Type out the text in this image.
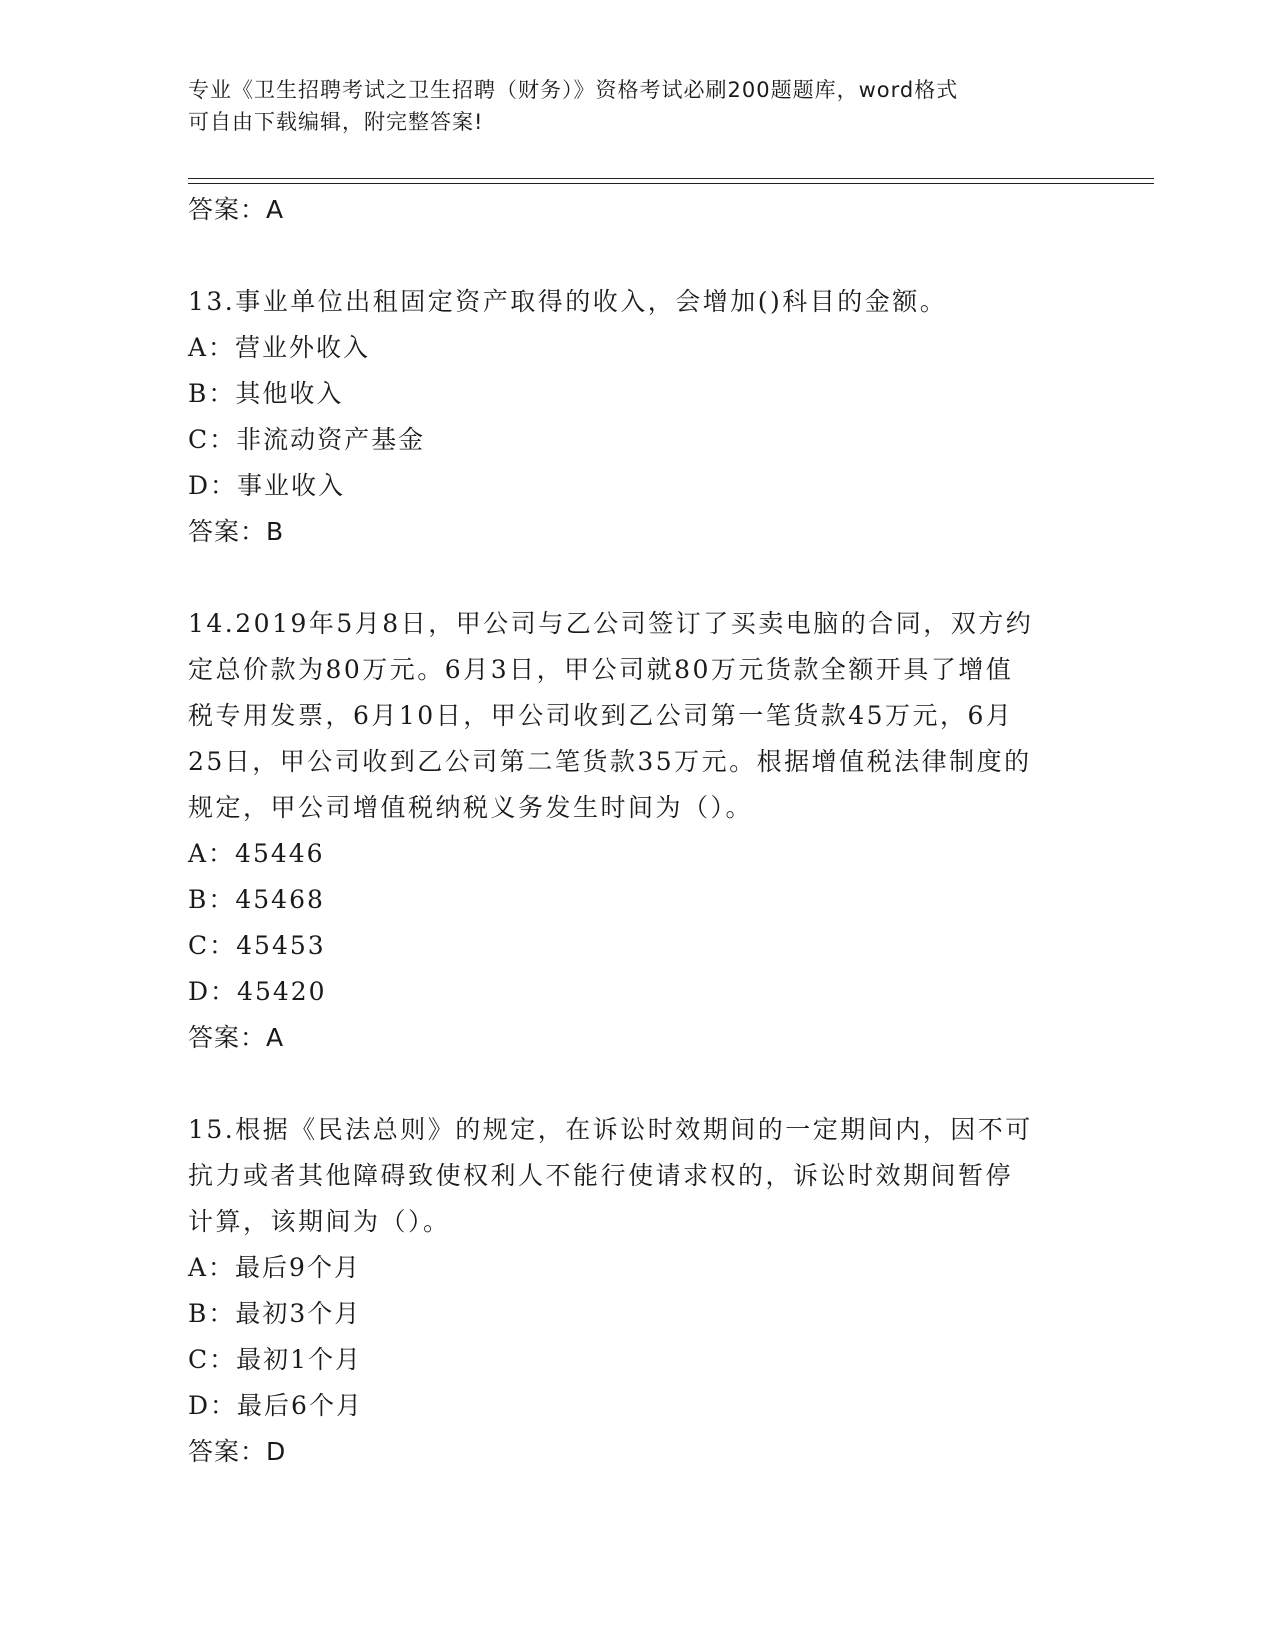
专业《卫生招聘考试之卫生招聘（财务）》资格考试必刷200题题库，word格式
可自由下载编辑，附完整答案!
答案：A
13.事业单位出租固定资产取得的收入，会增加()科目的金额。
A：营业外收入
B：其他收入
C：非流动资产基金
D：事业收入
答案：B
14.2019年5月8日，甲公司与乙公司签订了买卖电脑的合同，双方约
定总价款为80万元。6月3日，甲公司就80万元货款全额开具了增值
税专用发票，6月10日，甲公司收到乙公司第一笔货款45万元，6月
25日，甲公司收到乙公司第二笔货款35万元。根据增值税法律制度的
规定，甲公司增值税纳税义务发生时间为（）。
A：45446
B：45468
C：45453
D：45420
答案：A
15.根据《民法总则》的规定，在诉讼时效期间的一定期间内，因不可
抗力或者其他障碍致使权利人不能行使请求权的，诉讼时效期间暂停
计算，该期间为（）。
A：最后9个月
B：最初3个月
C：最初1个月
D：最后6个月
答案：D
